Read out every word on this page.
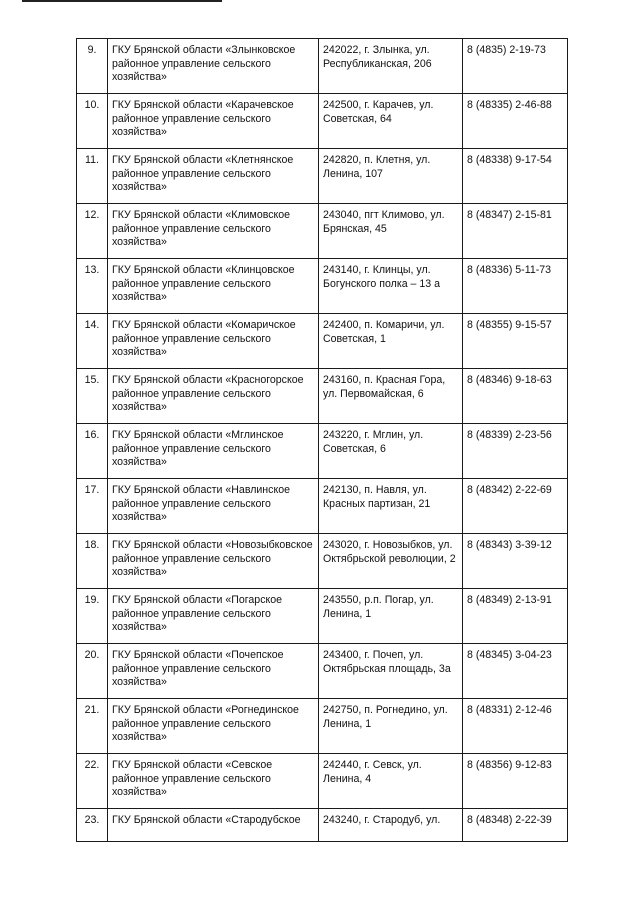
9.	ГКУ Брянской области «Злынковское
районное управление сельского
хозяйства»	242022, г. Злынка, ул.
Республиканская, 206	8 (4835) 2-19-73
10.	ГКУ Брянской области «Карачевское
районное управление сельского
хозяйства»	242500, г. Карачев, ул.
Советская, 64	8 (48335) 2-46-88
11.	ГКУ Брянской области «Клетнянское
районное управление сельского
хозяйства»	242820, п. Клетня, ул.
Ленина, 107	8 (48338) 9-17-54
12.	ГКУ Брянской области «Климовское
районное управление сельского
хозяйства»	243040, пгт Климово, ул.
Брянская, 45	8 (48347) 2-15-81
13.	ГКУ Брянской области «Клинцовское
районное управление сельского
хозяйства»	243140, г. Клинцы, ул.
Богунского полка – 13 а	8 (48336) 5-11-73
14.	ГКУ Брянской области «Комаричское
районное управление сельского
хозяйства»	242400, п. Комаричи, ул.
Советская, 1	8 (48355) 9-15-57
15.	ГКУ Брянской области «Красногорское
районное управление сельского
хозяйства»	243160, п. Красная Гора,
ул. Первомайская, 6	8 (48346) 9-18-63
16.	ГКУ Брянской области «Мглинское
районное управление сельского
хозяйства»	243220, г. Мглин, ул.
Советская, 6	8 (48339) 2-23-56
17.	ГКУ Брянской области «Навлинское
районное управление сельского
хозяйства»	242130, п. Навля, ул.
Красных партизан, 21	8 (48342) 2-22-69
18.	ГКУ Брянской области «Новозыбковское
районное управление сельского
хозяйства»	243020, г. Новозыбков, ул.
Октябрьской революции, 2	8 (48343) 3-39-12
19.	ГКУ Брянской области «Погарское
районное управление сельского
хозяйства»	243550, р.п. Погар, ул.
Ленина, 1	8 (48349) 2-13-91
20.	ГКУ Брянской области «Почепское
районное управление сельского
хозяйства»	243400, г. Почеп, ул.
Октябрьская площадь, 3а	8 (48345) 3-04-23
21.	ГКУ Брянской области «Рогнединское
районное управление сельского
хозяйства»	242750, п. Рогнедино, ул.
Ленина, 1	8 (48331) 2-12-46
22.	ГКУ Брянской области «Севское
районное управление сельского
хозяйства»	242440, г. Севск, ул.
Ленина, 4	8 (48356) 9-12-83
23.	ГКУ Брянской области «Стародубское	243240, г. Стародуб, ул.	8 (48348) 2-22-39
